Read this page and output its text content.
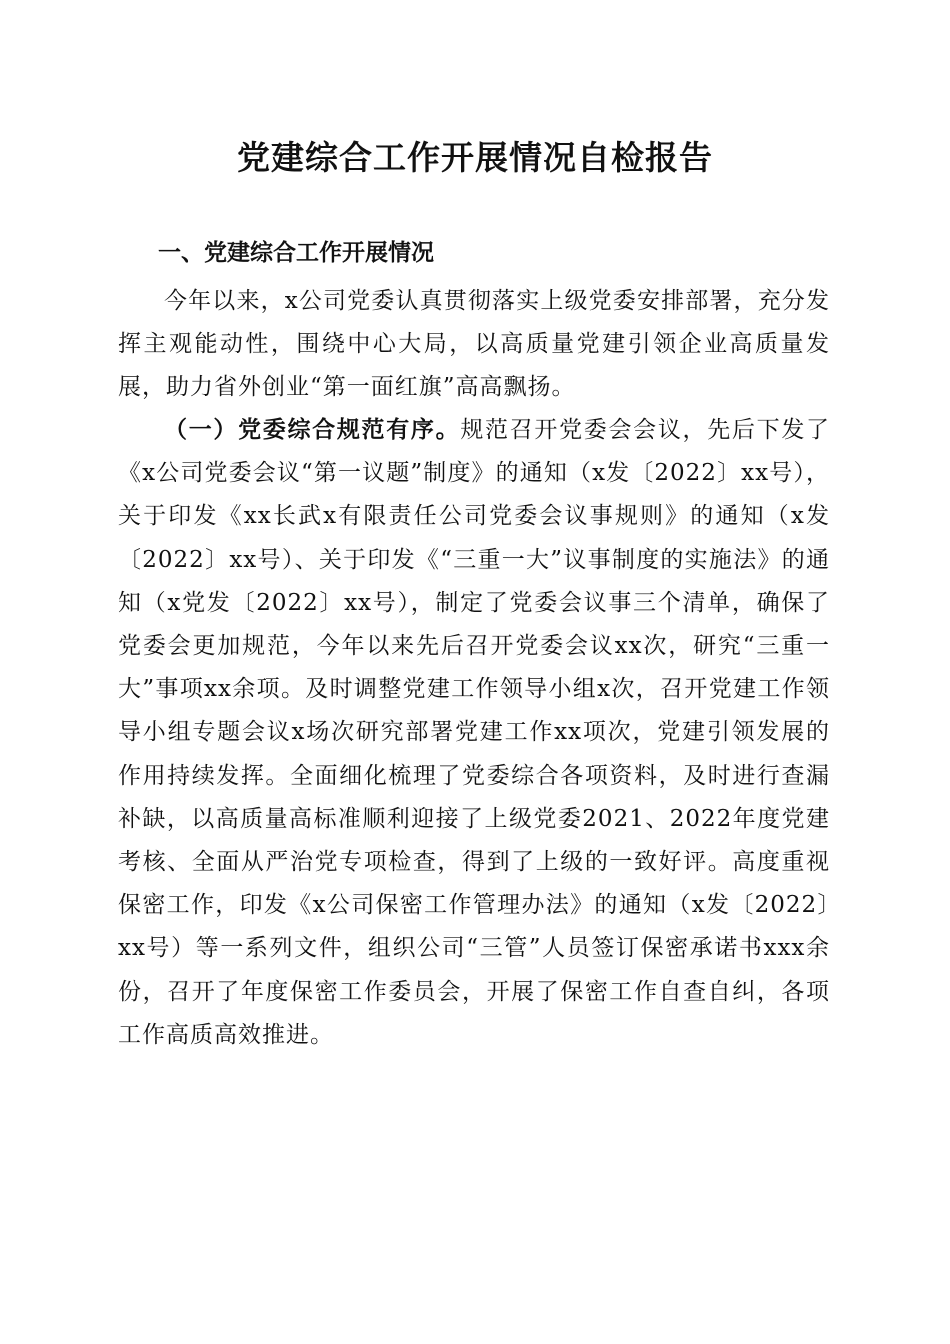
党建综合工作开展情况自检报告
一、党建综合工作开展情况

今年以来，x公司党委认真贯彻落实上级党委安排部署，充分发挥主观能动性，围绕中心大局，以高质量党建引领企业高质量发展，助力省外创业“第一面红旗”高高飘扬。

（一）党委综合规范有序。规范召开党委会会议，先后下发了《x公司党委会议“第一议题”制度》的通知（x发〔2022〕xx号），关于印发《xx长武x有限责任公司党委会议事规则》的通知（x发〔2022〕xx号）、关于印发《“三重一大”议事制度的实施法》的通知（x党发〔2022〕xx号），制定了党委会议事三个清单，确保了党委会更加规范，今年以来先后召开党委会议xx次，研究“三重一大”事项xx余项。及时调整党建工作领导小组x次，召开党建工作领导小组专题会议x场次研究部署党建工作xx项次，党建引领发展的作用持续发挥。全面细化梳理了党委综合各项资料，及时进行查漏补缺，以高质量高标准顺利迎接了上级党委2021、2022年度党建考核、全面从严治党专项检查，得到了上级的一致好评。高度重视保密工作，印发《x公司保密工作管理办法》的通知（x发〔2022〕xx号）等一系列文件，组织公司“三管”人员签订保密承诺书xxx余份，召开了年度保密工作委员会，开展了保密工作自查自纠，各项工作高质高效推进。
